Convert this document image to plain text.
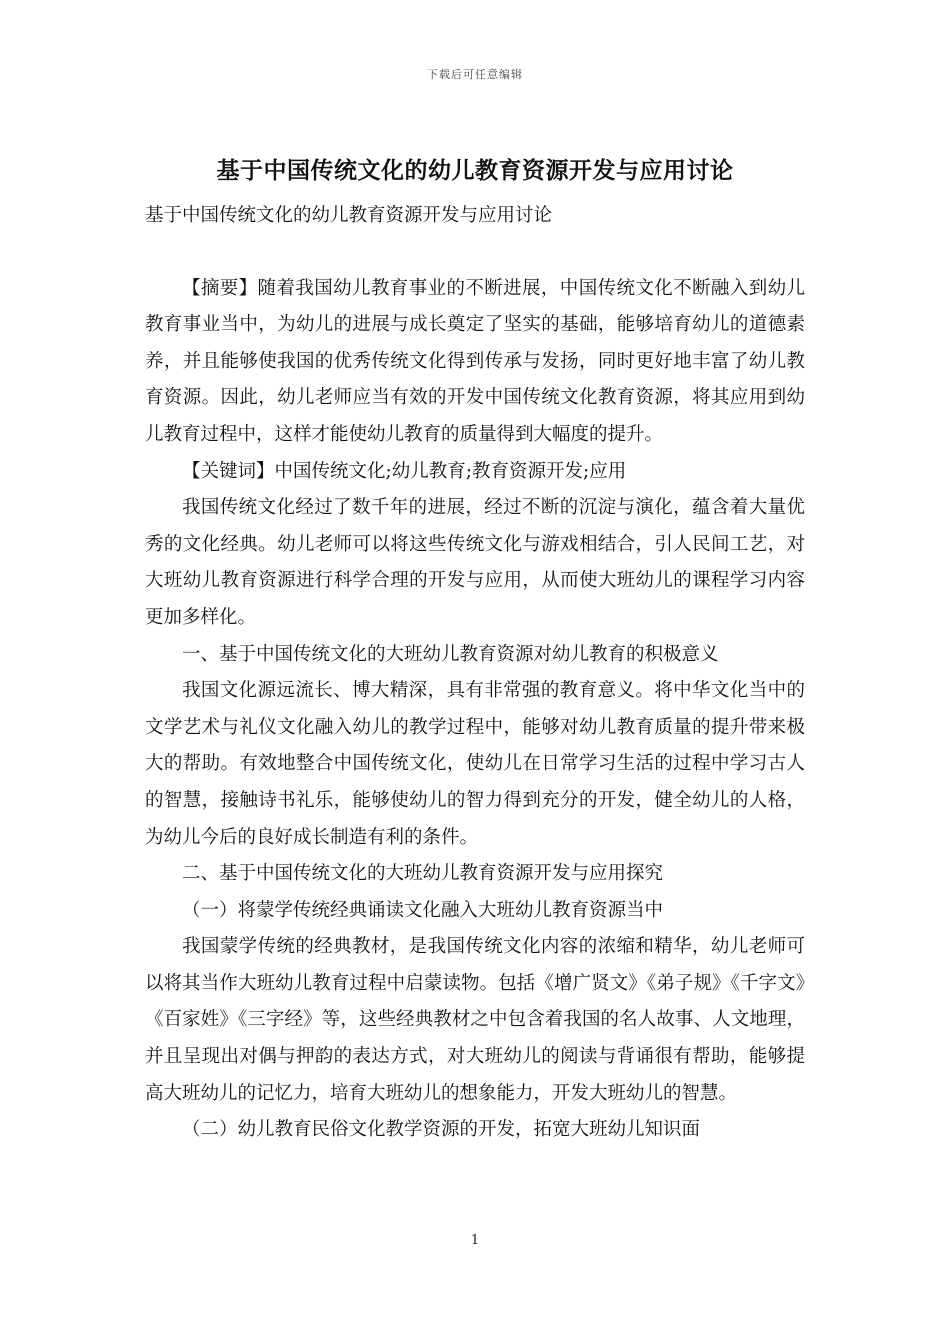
下载后可任意编辑
基于中国传统文化的幼儿教育资源开发与应用讨论

基于中国传统文化的幼儿教育资源开发与应用讨论

【摘要】随着我国幼儿教育事业的不断进展，中国传统文化不断融入到幼儿教育事业当中，为幼儿的进展与成长奠定了坚实的基础，能够培育幼儿的道德素养，并且能够使我国的优秀传统文化得到传承与发扬，同时更好地丰富了幼儿教育资源。因此，幼儿老师应当有效的开发中国传统文化教育资源，将其应用到幼儿教育过程中，这样才能使幼儿教育的质量得到大幅度的提升。

【关键词】中国传统文化;幼儿教育;教育资源开发;应用

我国传统文化经过了数千年的进展，经过不断的沉淀与演化，蕴含着大量优秀的文化经典。幼儿老师可以将这些传统文化与游戏相结合，引人民间工艺，对大班幼儿教育资源进行科学合理的开发与应用，从而使大班幼儿的课程学习内容更加多样化。

一、基于中国传统文化的大班幼儿教育资源对幼儿教育的积极意义

我国文化源远流长、博大精深，具有非常强的教育意义。将中华文化当中的文学艺术与礼仪文化融入幼儿的教学过程中，能够对幼儿教育质量的提升带来极大的帮助。有效地整合中国传统文化，使幼儿在日常学习生活的过程中学习古人的智慧，接触诗书礼乐，能够使幼儿的智力得到充分的开发，健全幼儿的人格，为幼儿今后的良好成长制造有利的条件。

二、基于中国传统文化的大班幼儿教育资源开发与应用探究

（一）将蒙学传统经典诵读文化融入大班幼儿教育资源当中

我国蒙学传统的经典教材，是我国传统文化内容的浓缩和精华，幼儿老师可以将其当作大班幼儿教育过程中启蒙读物。包括《增广贤文》《弟子规》《千字文》《百家姓》《三字经》等，这些经典教材之中包含着我国的名人故事、人文地理，并且呈现出对偶与押韵的表达方式，对大班幼儿的阅读与背诵很有帮助，能够提高大班幼儿的记忆力，培育大班幼儿的想象能力，开发大班幼儿的智慧。

（二）幼儿教育民俗文化教学资源的开发，拓宽大班幼儿知识面

1
